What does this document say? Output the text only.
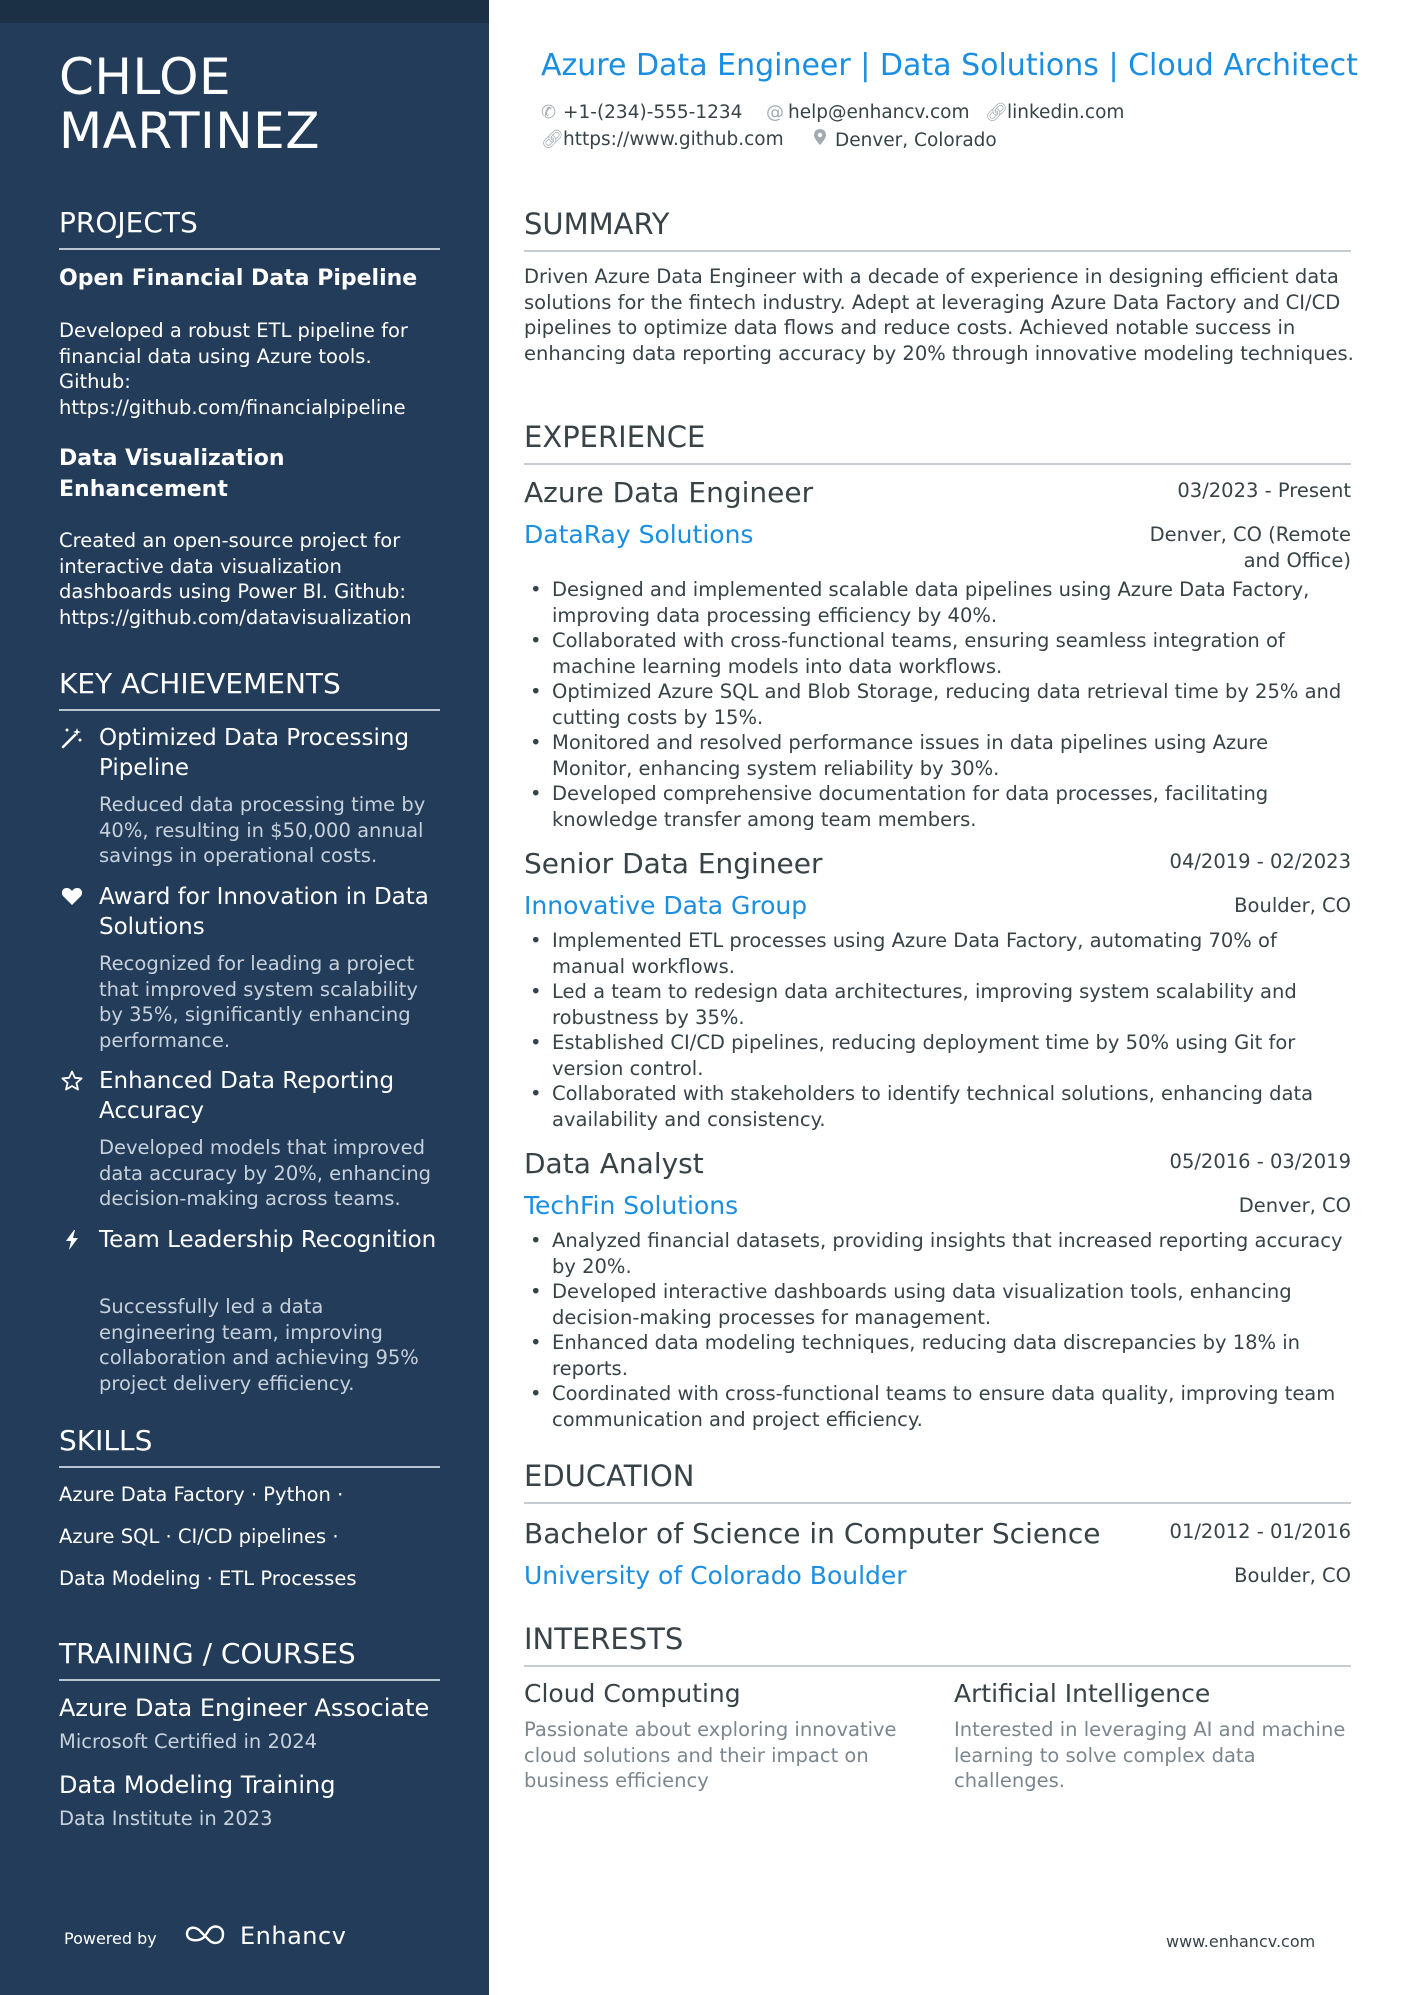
CHLOE
MARTINEZ
PROJECTS
Open Financial Data Pipeline
Developed a robust ETL pipeline for financial data using Azure tools. Github: https://github.com/financialpipeline
Data Visualization Enhancement
Created an open-source project for interactive data visualization dashboards using Power BI. Github: https://github.com/datavisualization
KEY ACHIEVEMENTS
Optimized Data Processing Pipeline
Reduced data processing time by 40%, resulting in $50,000 annual savings in operational costs.
Award for Innovation in Data Solutions
Recognized for leading a project that improved system scalability by 35%, significantly enhancing performance.
Enhanced Data Reporting Accuracy
Developed models that improved data accuracy by 20%, enhancing decision-making across teams.
Team Leadership Recognition
Successfully led a data engineering team, improving collaboration and achieving 95% project delivery efficiency.
SKILLS
Azure Data Factory · Python ·
Azure SQL · CI/CD pipelines ·
Data Modeling · ETL Processes
TRAINING / COURSES
Azure Data Engineer Associate
Microsoft Certified in 2024
Data Modeling Training
Data Institute in 2023
Powered by	Enhancv
Azure Data Engineer | Data Solutions | Cloud Architect
✆ +1-(234)-555-1234 @ help@enhancv.com 🔗︎linkedin.com
🔗︎https://www.github.com	Denver, Colorado
SUMMARY
Driven Azure Data Engineer with a decade of experience in designing efficient data solutions for the fintech industry. Adept at leveraging Azure Data Factory and CI/CD pipelines to optimize data flows and reduce costs. Achieved notable success in enhancing data reporting accuracy by 20% through innovative modeling techniques.
EXPERIENCE
Azure Data Engineer	03/2023 - Present
DataRay Solutions	Denver, CO (Remote and Office)
• Designed and implemented scalable data pipelines using Azure Data Factory, improving data processing efficiency by 40%.
• Collaborated with cross-functional teams, ensuring seamless integration of machine learning models into data workflows.
• Optimized Azure SQL and Blob Storage, reducing data retrieval time by 25% and cutting costs by 15%.
• Monitored and resolved performance issues in data pipelines using Azure Monitor, enhancing system reliability by 30%.
• Developed comprehensive documentation for data processes, facilitating knowledge transfer among team members.
Senior Data Engineer	04/2019 - 02/2023
Innovative Data Group	Boulder, CO
• Implemented ETL processes using Azure Data Factory, automating 70% of manual workflows.
• Led a team to redesign data architectures, improving system scalability and robustness by 35%.
• Established CI/CD pipelines, reducing deployment time by 50% using Git for version control.
• Collaborated with stakeholders to identify technical solutions, enhancing data availability and consistency.
Data Analyst	05/2016 - 03/2019
TechFin Solutions	Denver, CO
• Analyzed financial datasets, providing insights that increased reporting accuracy by 20%.
• Developed interactive dashboards using data visualization tools, enhancing decision-making processes for management.
• Enhanced data modeling techniques, reducing data discrepancies by 18% in reports.
• Coordinated with cross-functional teams to ensure data quality, improving team communication and project efficiency.
EDUCATION
Bachelor of Science in Computer Science	01/2012 - 01/2016
University of Colorado Boulder	Boulder, CO
INTERESTS
Cloud Computing
Passionate about exploring innovative cloud solutions and their impact on business efficiency
Artificial Intelligence
Interested in leveraging AI and machine learning to solve complex data challenges.
www.enhancv.com
